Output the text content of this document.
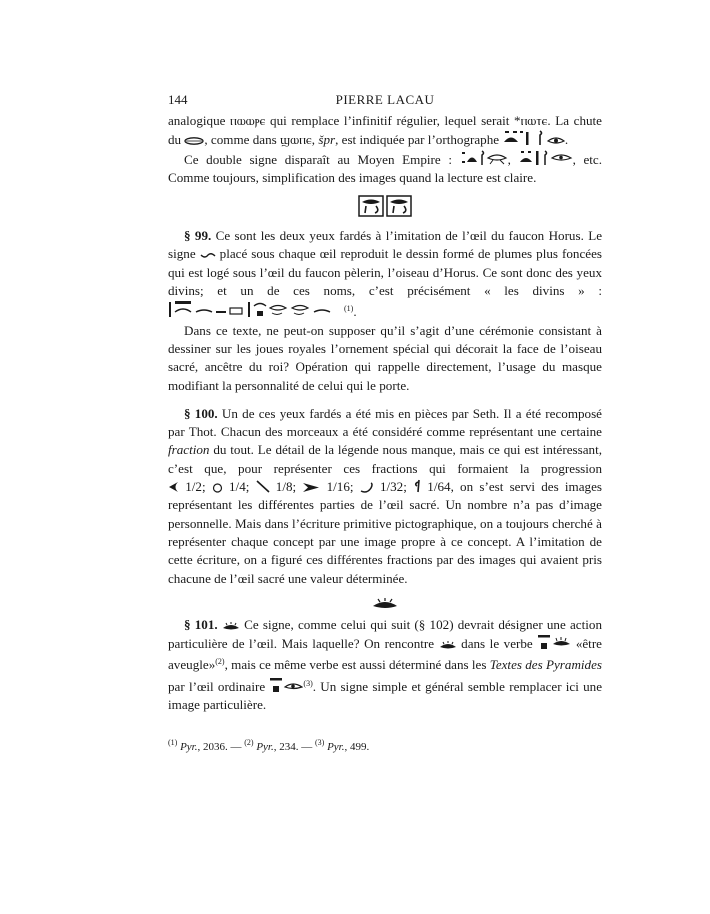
144	PIERRE LACAU

analogique ⲡⲱⲱⲣⲉ qui remplace l’infinitif régulier, lequel serait *ⲡⲱⲧⲉ. La chute du , comme dans ϣⲱⲡⲉ, špr, est indiquée par l’orthographe	.

Ce double signe disparaît au Moyen Empire :	,	, etc. Comme toujours, simplification des images quand la lecture est claire.

§ 99. Ce sont les deux yeux fardés à l’imitation de l’œil du faucon Horus. Le signe  placé sous chaque œil reproduit le dessin formé de plumes plus foncées qui est logé sous l’œil du faucon pèlerin, l’oiseau d’Horus. Ce sont donc des yeux divins; et un de ces noms, c’est précisément « les divins » : $^{(1)}$.

Dans ce texte, ne peut-on supposer qu’il s’agit d’une cérémonie consistant à dessiner sur les joues royales l’ornement spécial qui décorait la face de l’oiseau sacré, ancêtre du roi? Opération qui rappelle directement, l’usage du masque modifiant la personnalité de celui qui le porte.

§ 100. Un de ces yeux fardés a été mis en pièces par Seth. Il a été recomposé par Thot. Chacun des morceaux a été considéré comme représentant une certaine fraction du tout. Le détail de la légende nous manque, mais ce qui est intéressant, c’est que, pour représenter ces fractions qui formaient la progression  1/2;  1/4;  1/8;  1/16;  1/32;  1/64, on s’est servi des images représentant les différentes parties de l’œil sacré. Un nombre n’a pas d’image personnelle. Mais dans l’écriture primitive pictographique, on a toujours cherché à représenter chaque concept par une image propre à ce concept. A l’imitation de cette écriture, on a figuré ces différentes fractions par des images qui avaient pris chacune de l’œil sacré une valeur déterminée.

§ 101.  Ce signe, comme celui qui suit (§ 102) devrait désigner une action particulière de l’œil. Mais laquelle? On rencontre  dans le verbe	«être aveugle»$^{(2)}$, mais ce même verbe est aussi déterminé dans les Textes des Pyramides par l’œil ordinaire	$^{(3)}$. Un signe simple et général semble remplacer ici une image particulière.

$^{(1)}$ Pyr., 2036. — $^{(2)}$ Pyr., 234. — $^{(3)}$ Pyr., 499.
